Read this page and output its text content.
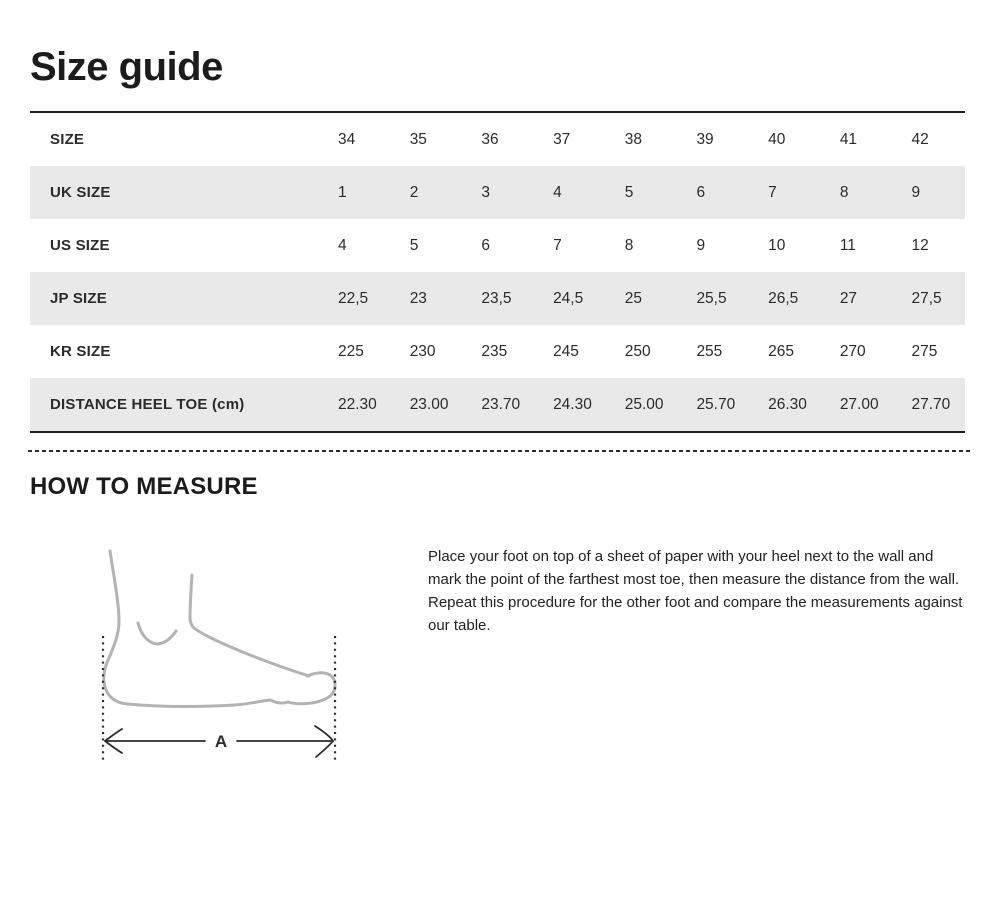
Size guide
SIZE	34	35	36	37	38	39	40	41	42
UK SIZE	1	2	3	4	5	6	7	8	9
US SIZE	4	5	6	7	8	9	10	11	12
JP SIZE	22,5	23	23,5	24,5	25	25,5	26,5	27	27,5
KR SIZE	225	230	235	245	250	255	265	270	275
DISTANCE HEEL TOE (cm)	22.30	23.00	23.70	24.30	25.00	25.70	26.30	27.00	27.70
HOW TO MEASURE
A

Place your foot on top of a sheet of paper with your heel next to the wall and mark the point of the farthest most toe, then measure the distance from the wall. Repeat this procedure for the other foot and compare the measurements against our table.
